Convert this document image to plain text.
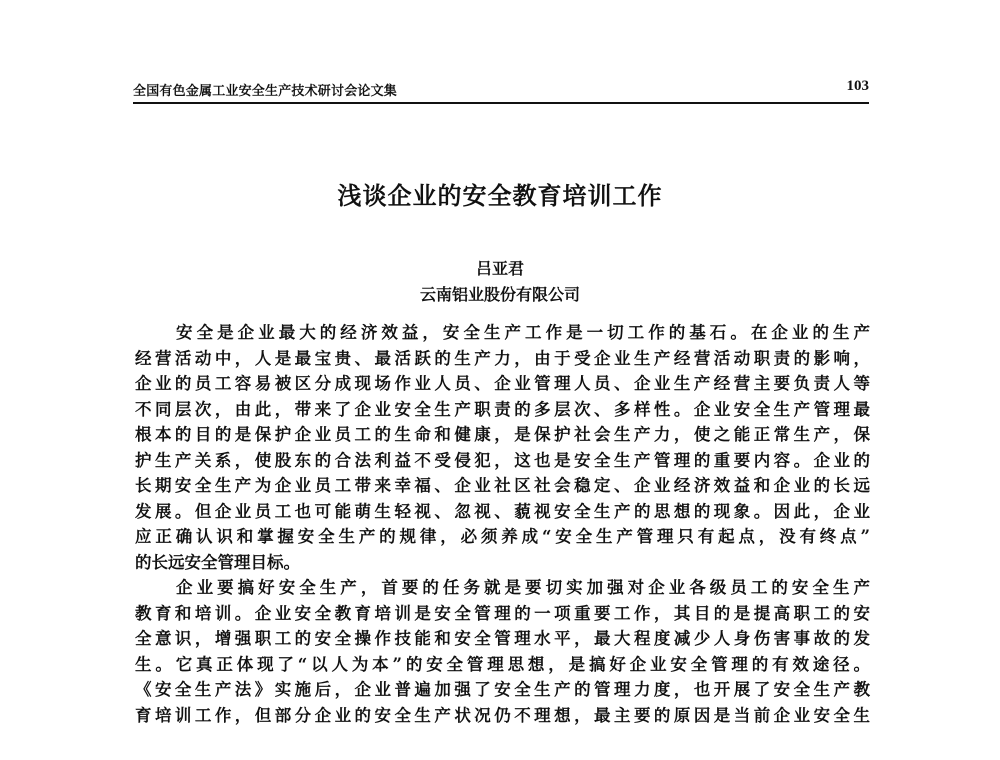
全国有色金属工业安全生产技术研讨会论文集	103
浅谈企业的安全教育培训工作
吕亚君
云南铝业股份有限公司
　　安全是企业最大的经济效益，安全生产工作是一切工作的基石。在企业的生产
经营活动中，人是最宝贵、最活跃的生产力，由于受企业生产经营活动职责的影响，
企业的员工容易被区分成现场作业人员、企业管理人员、企业生产经营主要负责人等
不同层次，由此，带来了企业安全生产职责的多层次、多样性。企业安全生产管理最
根本的目的是保护企业员工的生命和健康，是保护社会生产力，使之能正常生产，保
护生产关系，使股东的合法利益不受侵犯，这也是安全生产管理的重要内容。企业的
长期安全生产为企业员工带来幸福、企业社区社会稳定、企业经济效益和企业的长远
发展。但企业员工也可能萌生轻视、忽视、藐视安全生产的思想的现象。因此，企业
应正确认识和掌握安全生产的规律，必须养成“安全生产管理只有起点，没有终点”
的长远安全管理目标。
　　企业要搞好安全生产，首要的任务就是要切实加强对企业各级员工的安全生产
教育和培训。企业安全教育培训是安全管理的一项重要工作，其目的是提高职工的安
全意识，增强职工的安全操作技能和安全管理水平，最大程度减少人身伤害事故的发
生。它真正体现了“以人为本”的安全管理思想，是搞好企业安全管理的有效途径。
《安全生产法》实施后，企业普遍加强了安全生产的管理力度，也开展了安全生产教
育培训工作，但部分企业的安全生产状况仍不理想，最主要的原因是当前企业安全生
